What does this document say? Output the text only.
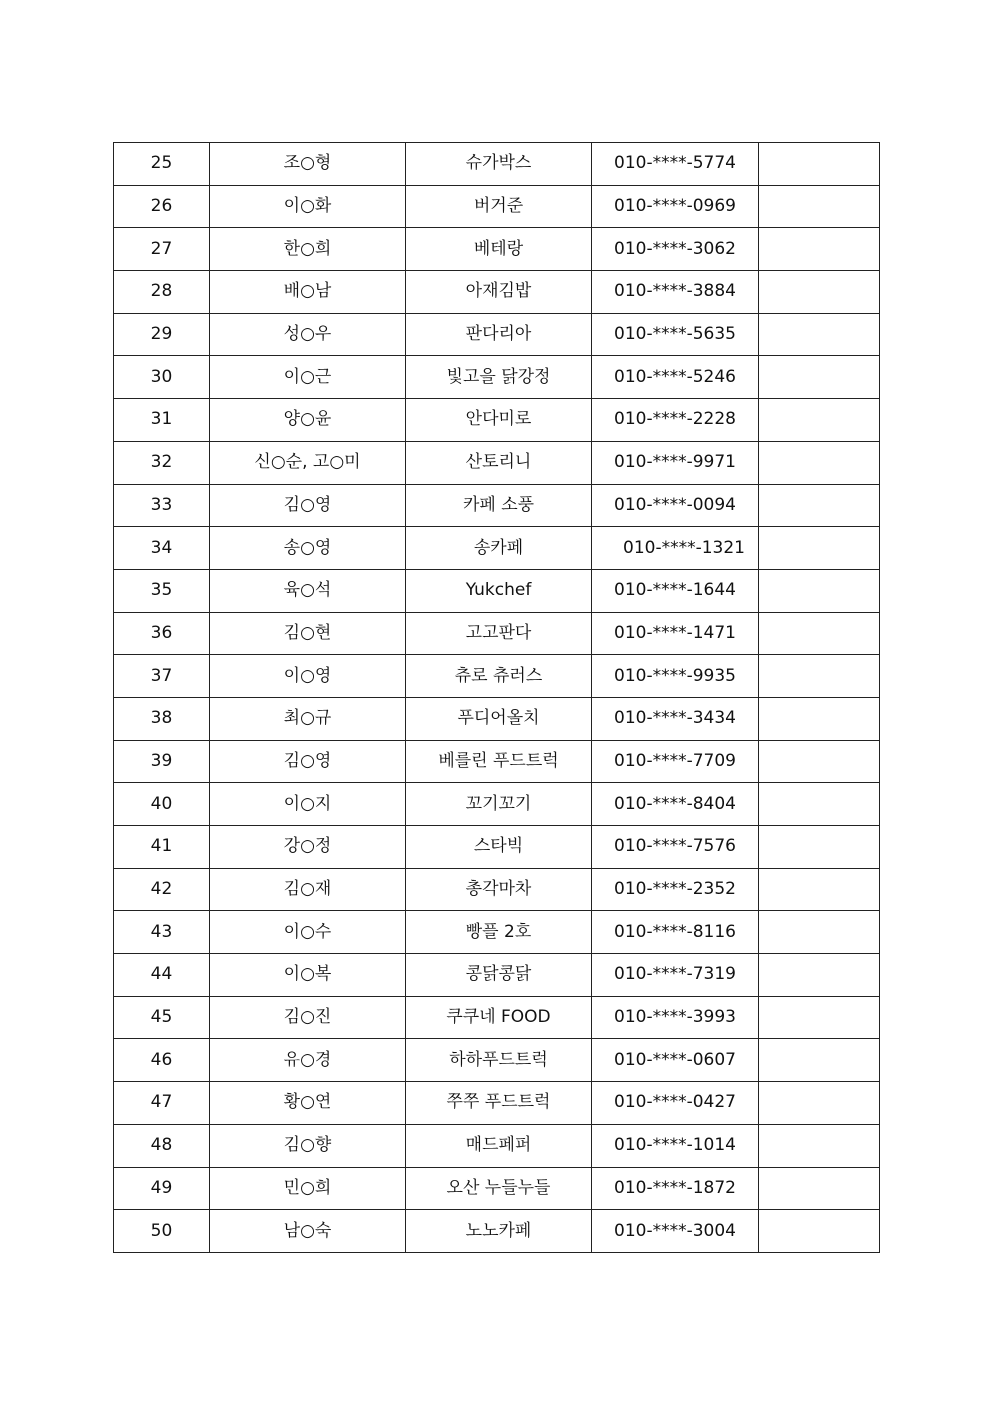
25	조○형	슈가박스	010-****-5774	
26	이○화	버거준	010-****-0969	
27	한○희	베테랑	010-****-3062	
28	배○남	아재김밥	010-****-3884	
29	성○우	판다리아	010-****-5635	
30	이○근	빛고을 닭강정	010-****-5246	
31	양○윤	안다미로	010-****-2228	
32	신○순, 고○미	산토리니	010-****-9971	
33	김○영	카페 소풍	010-****-0094	
34	송○영	송카페	010-****-1321	
35	육○석	Yukchef	010-****-1644	
36	김○현	고고판다	010-****-1471	
37	이○영	츄로 츄러스	010-****-9935	
38	최○규	푸디어올치	010-****-3434	
39	김○영	베를린 푸드트럭	010-****-7709	
40	이○지	꼬기꼬기	010-****-8404	
41	강○정	스타빅	010-****-7576	
42	김○재	총각마차	010-****-2352	
43	이○수	빵플 2호	010-****-8116	
44	이○복	콩닭콩닭	010-****-7319	
45	김○진	쿠쿠네 FOOD	010-****-3993	
46	유○경	하하푸드트럭	010-****-0607	
47	황○연	쭈쭈 푸드트럭	010-****-0427	
48	김○향	매드페퍼	010-****-1014	
49	민○희	오산 누들누들	010-****-1872	
50	남○숙	노노카페	010-****-3004	
